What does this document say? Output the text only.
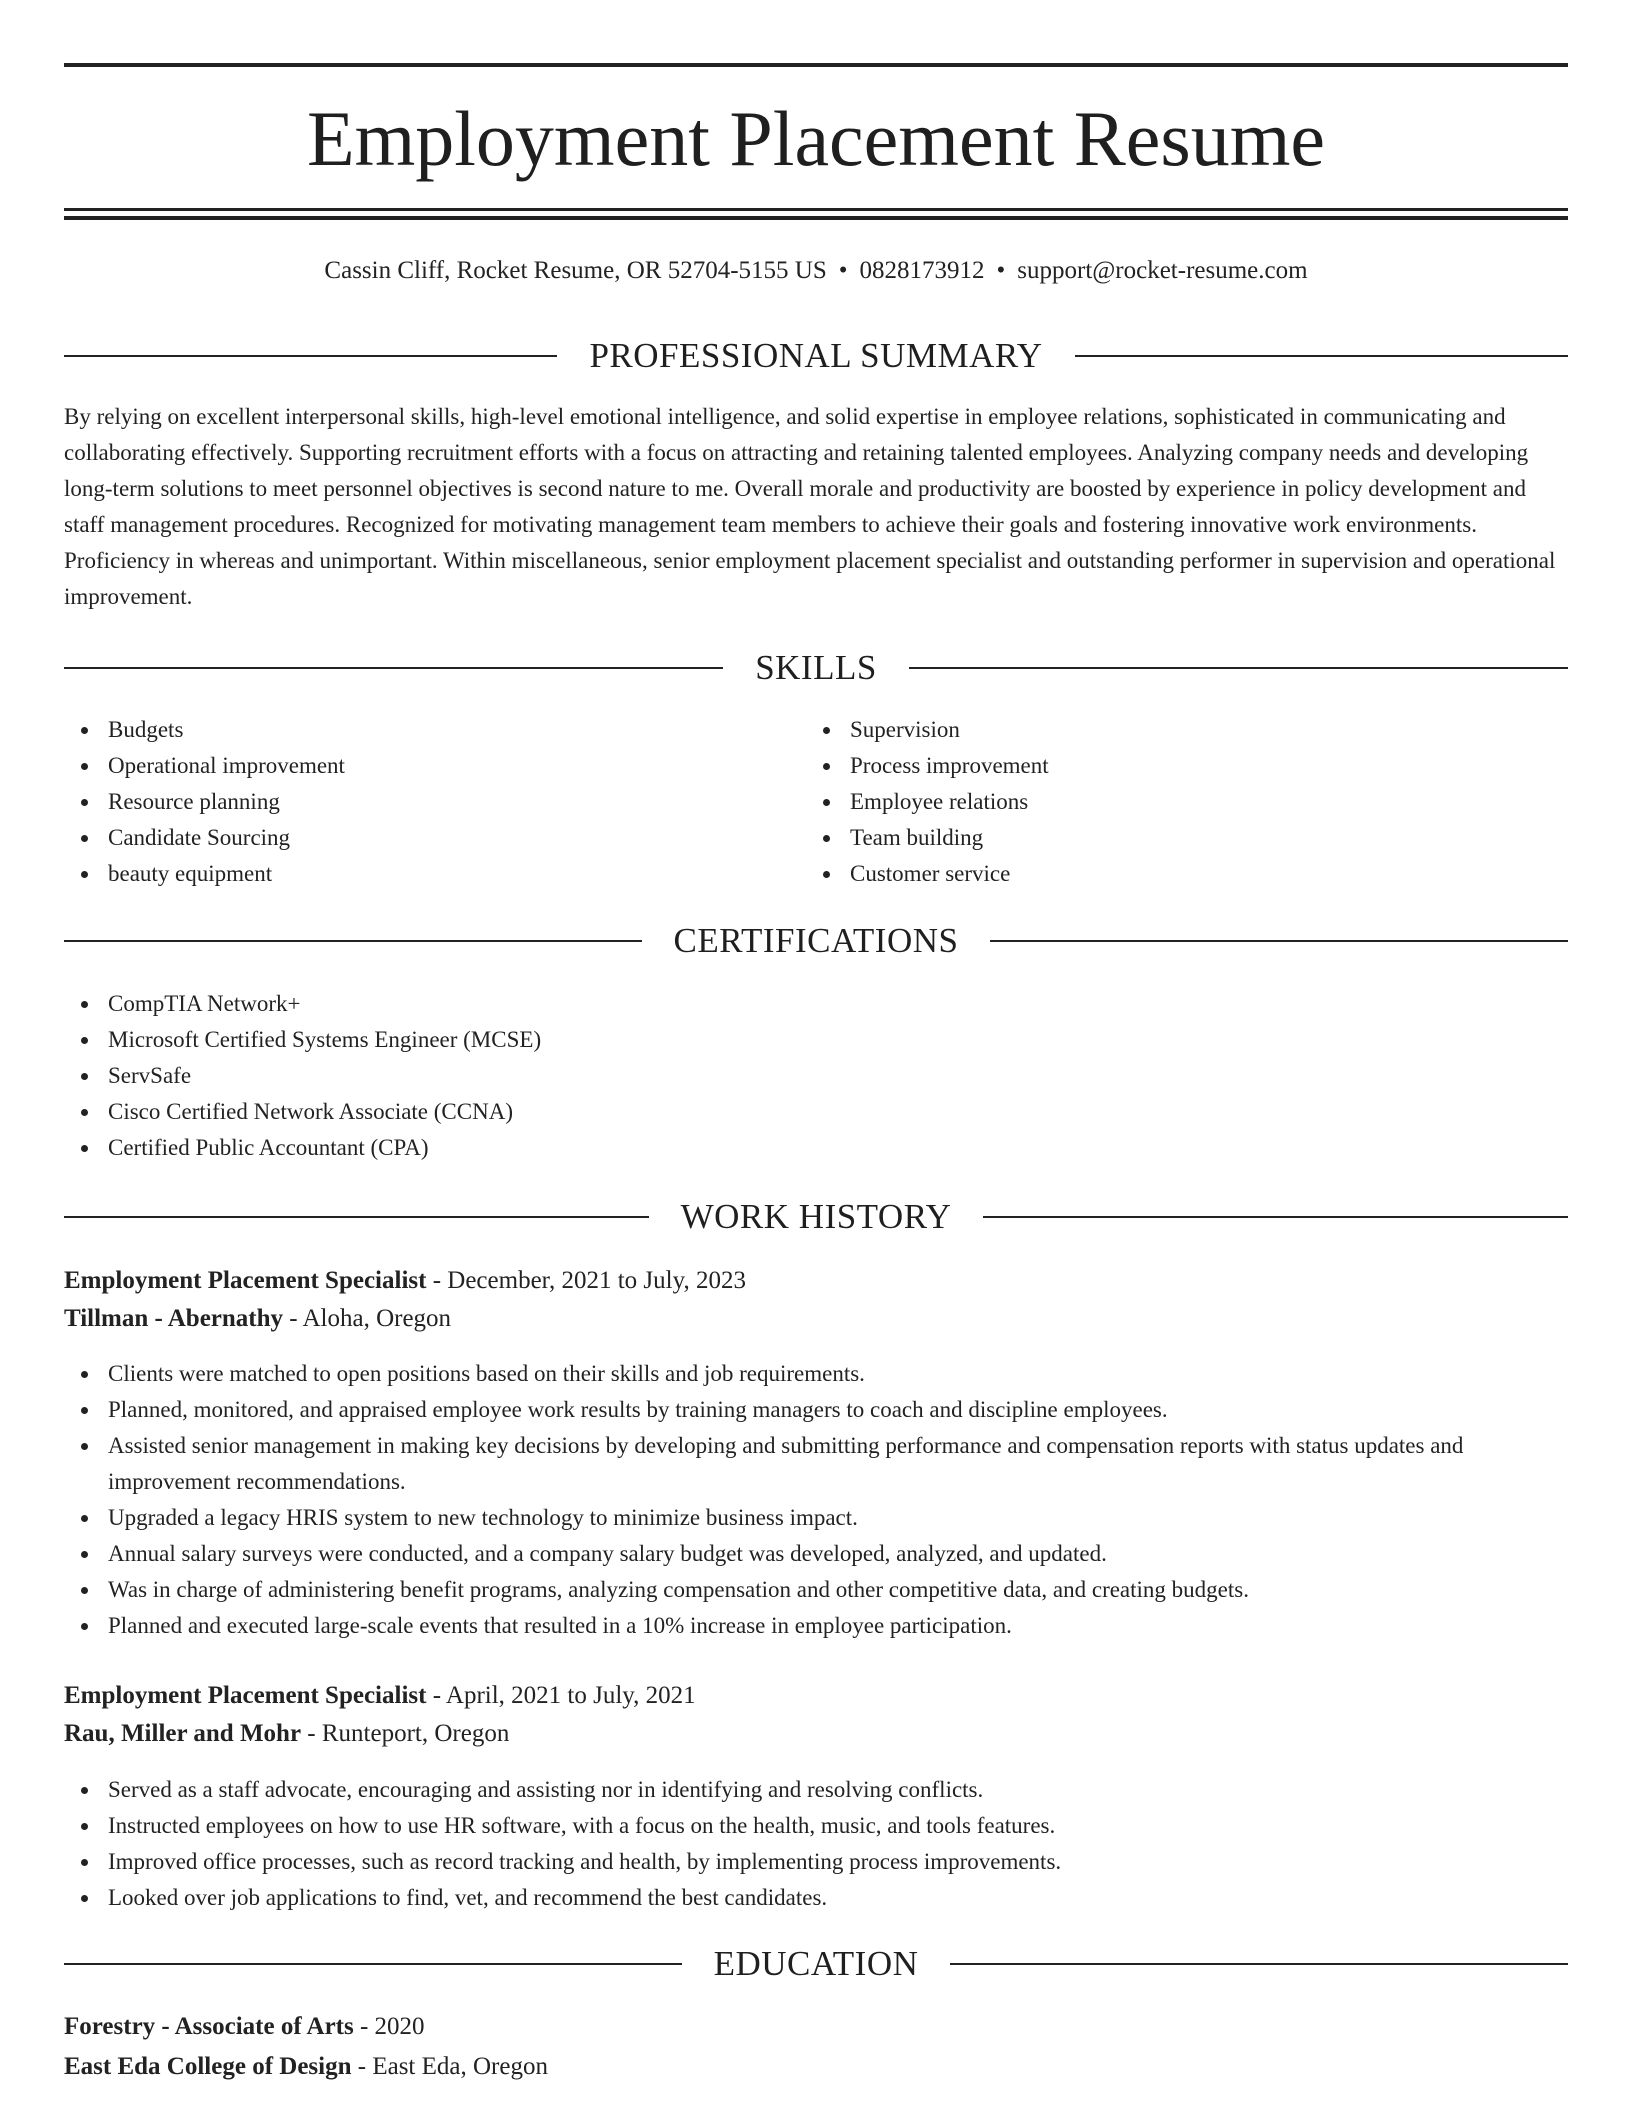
Employment Placement Resume
Cassin Cliff, Rocket Resume, OR 52704-5155 US • 0828173912 • support@rocket-resume.com
PROFESSIONAL SUMMARY

By relying on excellent interpersonal skills, high-level emotional intelligence, and solid expertise in employee relations, sophisticated in communicating and collaborating effectively. Supporting recruitment efforts with a focus on attracting and retaining talented employees. Analyzing company needs and developing long-term solutions to meet personnel objectives is second nature to me. Overall morale and productivity are boosted by experience in policy development and staff management procedures. Recognized for motivating management team members to achieve their goals and fostering innovative work environments. Proficiency in whereas and unimportant. Within miscellaneous, senior employment placement specialist and outstanding performer in supervision and operational improvement.

SKILLS
Budgets
Operational improvement
Resource planning
Candidate Sourcing
beauty equipment
Supervision
Process improvement
Employee relations
Team building
Customer service
CERTIFICATIONS
CompTIA Network+
Microsoft Certified Systems Engineer (MCSE)
ServSafe
Cisco Certified Network Associate (CCNA)
Certified Public Accountant (CPA)
WORK HISTORY
Employment Placement Specialist - December, 2021 to July, 2023
Tillman - Abernathy - Aloha, Oregon
Clients were matched to open positions based on their skills and job requirements.
Planned, monitored, and appraised employee work results by training managers to coach and discipline employees.
Assisted senior management in making key decisions by developing and submitting performance and compensation reports with status updates and improvement recommendations.
Upgraded a legacy HRIS system to new technology to minimize business impact.
Annual salary surveys were conducted, and a company salary budget was developed, analyzed, and updated.
Was in charge of administering benefit programs, analyzing compensation and other competitive data, and creating budgets.
Planned and executed large-scale events that resulted in a 10% increase in employee participation.
Employment Placement Specialist - April, 2021 to July, 2021
Rau, Miller and Mohr - Runteport, Oregon
Served as a staff advocate, encouraging and assisting nor in identifying and resolving conflicts.
Instructed employees on how to use HR software, with a focus on the health, music, and tools features.
Improved office processes, such as record tracking and health, by implementing process improvements.
Looked over job applications to find, vet, and recommend the best candidates.
EDUCATION
Forestry - Associate of Arts - 2020
East Eda College of Design - East Eda, Oregon
